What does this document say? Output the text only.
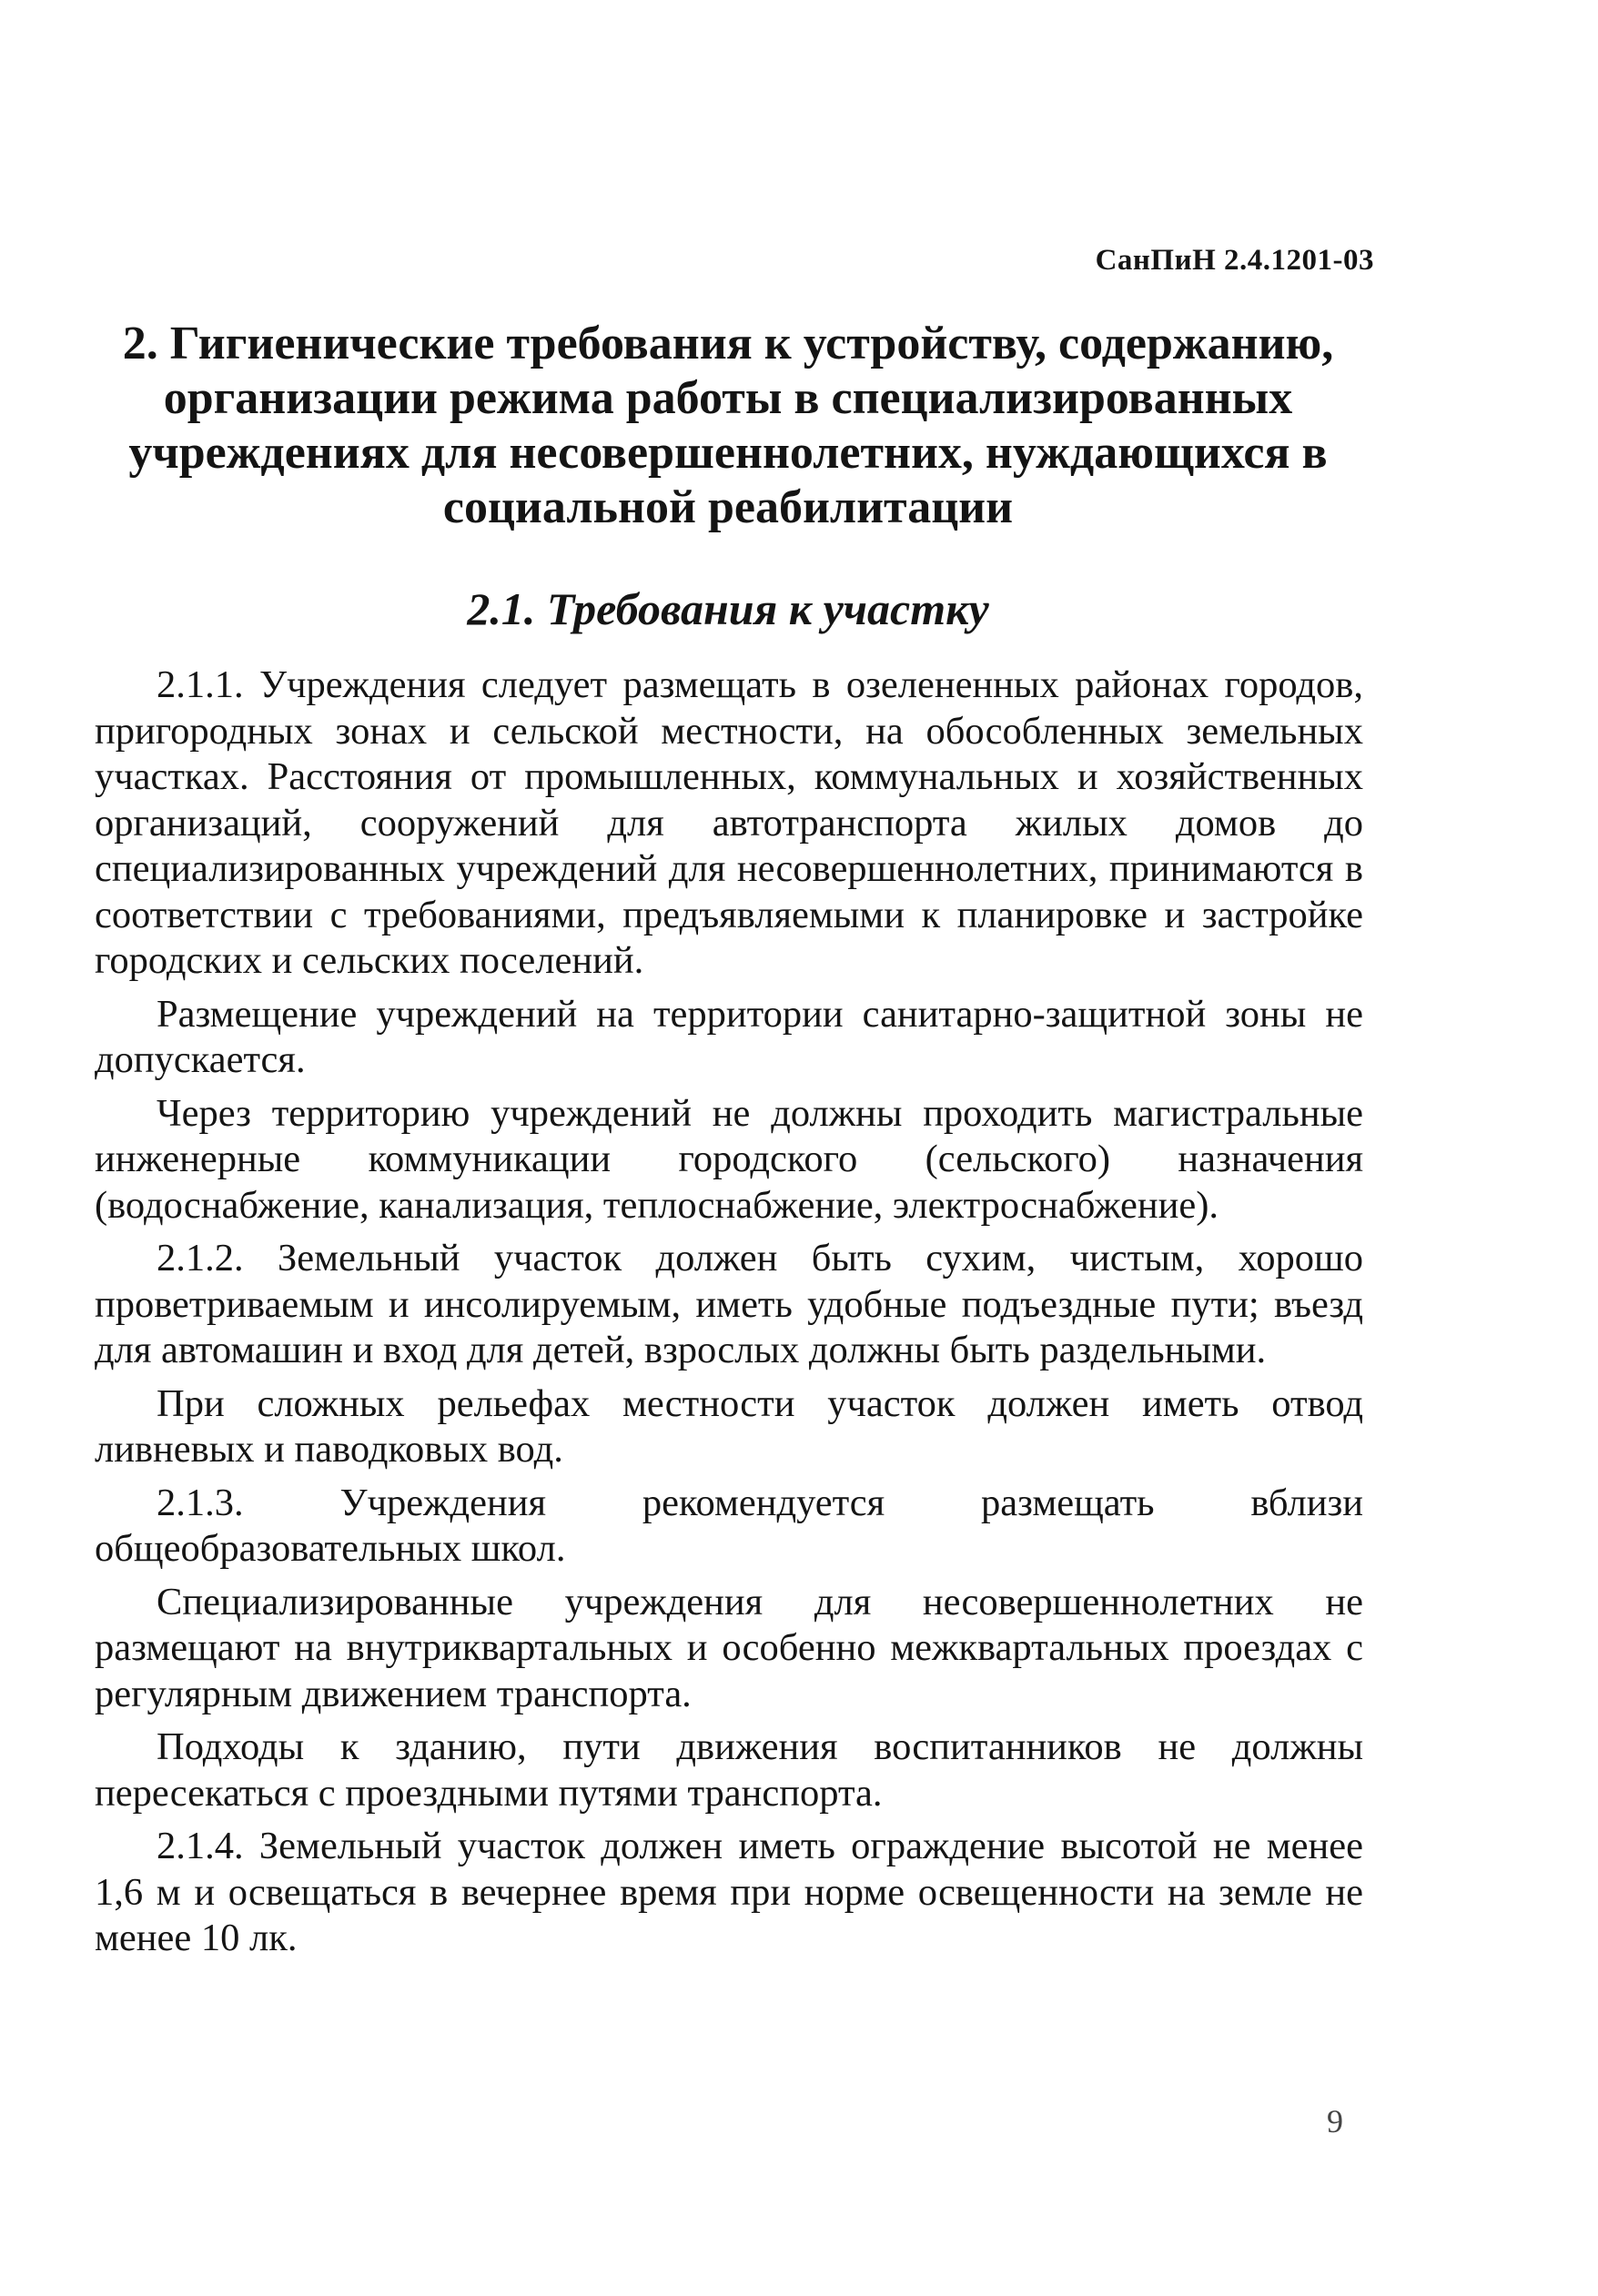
СанПиН 2.4.1201-03
2. Гигиенические требования к устройству, содержанию, организации режима работы в специализированных учреждениях для несовершеннолетних, нуждающихся в социальной реабилитации
2.1. Требования к участку

2.1.1. Учреждения следует размещать в озелененных районах городов, пригородных зонах и сельской местности, на обособленных земельных участках. Расстояния от промышленных, коммунальных и хозяйственных организаций, сооружений для автотранспорта жилых домов до специализированных учреждений для несовершеннолетних, принимаются в соответствии с требованиями, предъявляемыми к планировке и застройке городских и сельских поселений.

Размещение учреждений на территории санитарно-защитной зоны не допускается.

Через территорию учреждений не должны проходить магистральные инженерные коммуникации городского (сельского) назначения (водоснабжение, канализация, теплоснабжение, электроснабжение).

2.1.2. Земельный участок должен быть сухим, чистым, хорошо проветриваемым и инсолируемым, иметь удобные подъездные пути; въезд для автомашин и вход для детей, взрослых должны быть раздельными.

При сложных рельефах местности участок должен иметь отвод ливневых и паводковых вод.

2.1.3. Учреждения рекомендуется размещать вблизи общеобразовательных школ.

Специализированные учреждения для несовершеннолетних не размещают на внутриквартальных и особенно межквартальных проездах с регулярным движением транспорта.

Подходы к зданию, пути движения воспитанников не должны пересекаться с проездными путями транспорта.

2.1.4. Земельный участок должен иметь ограждение высотой не менее 1,6 м и освещаться в вечернее время при норме освещенности на земле не менее 10 лк.

9
